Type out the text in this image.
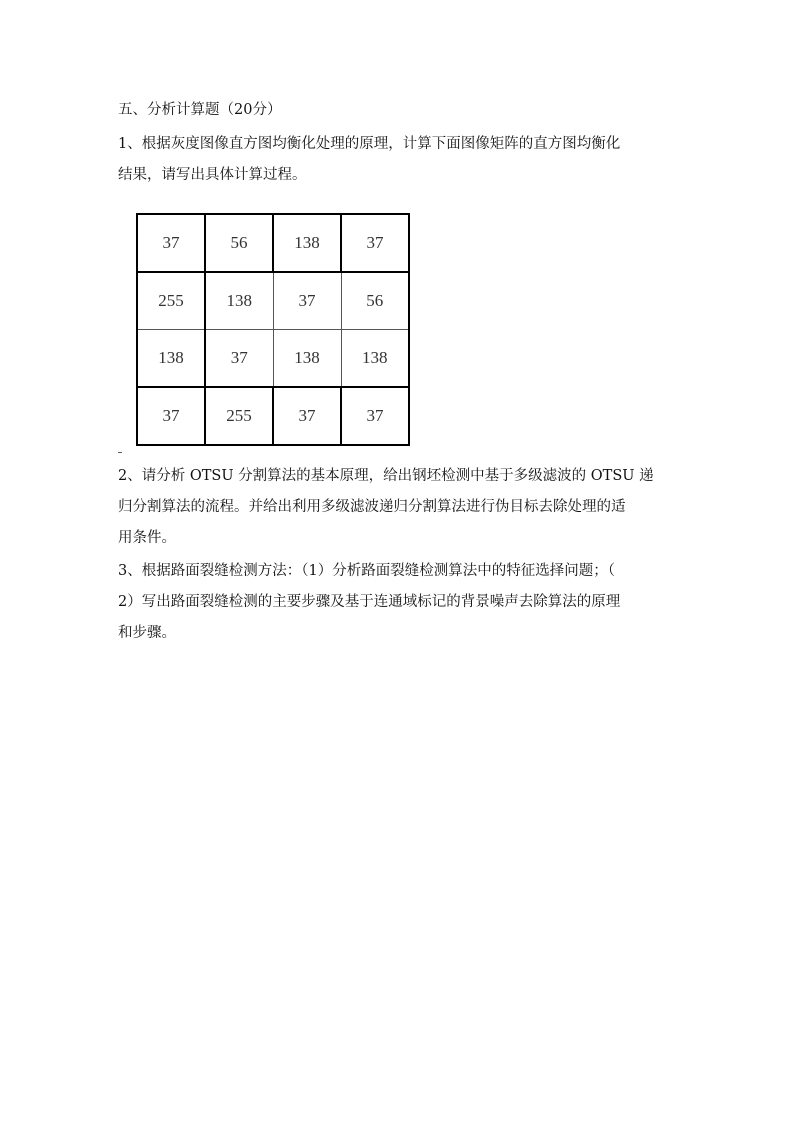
五、分析计算题（20分）
1、根据灰度图像直方图均衡化处理的原理，计算下面图像矩阵的直方图均衡化
结果，请写出具体计算过程。
37	56	138	37
255	138	37	56
138	37	138	138
37	255	37	37
2、请分析 OTSU 分割算法的基本原理，给出钢坯检测中基于多级滤波的 OTSU 递
归分割算法的流程。并给出利用多级滤波递归分割算法进行伪目标去除处理的适
用条件。
3、根据路面裂缝检测方法：（1）分析路面裂缝检测算法中的特征选择问题；（
2）写出路面裂缝检测的主要步骤及基于连通域标记的背景噪声去除算法的原理
和步骤。
